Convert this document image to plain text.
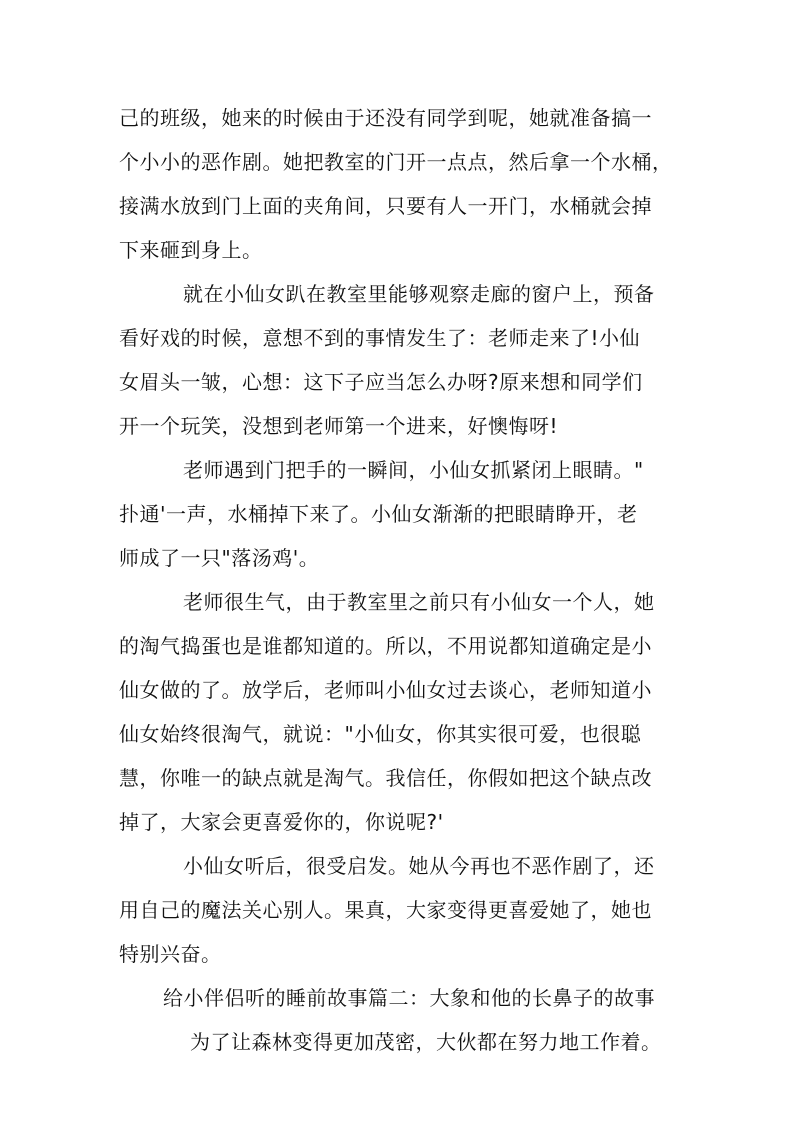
己的班级，她来的时候由于还没有同学到呢，她就准备搞一
个小小的恶作剧。她把教室的门开一点点，然后拿一个水桶，
接满水放到门上面的夹角间，只要有人一开门，水桶就会掉
下来砸到身上。
就在小仙女趴在教室里能够观察走廊的窗户上，预备
看好戏的时候，意想不到的事情发生了：老师走来了!小仙
女眉头一皱，心想：这下子应当怎么办呀?原来想和同学们
开一个玩笑，没想到老师第一个进来，好懊悔呀!
老师遇到门把手的一瞬间，小仙女抓紧闭上眼睛。"
扑通'一声，水桶掉下来了。小仙女渐渐的把眼睛睁开，老
师成了一只"落汤鸡'。
老师很生气，由于教室里之前只有小仙女一个人，她
的淘气捣蛋也是谁都知道的。所以，不用说都知道确定是小
仙女做的了。放学后，老师叫小仙女过去谈心，老师知道小
仙女始终很淘气，就说："小仙女，你其实很可爱，也很聪
慧，你唯一的缺点就是淘气。我信任，你假如把这个缺点改
掉了，大家会更喜爱你的，你说呢?'
小仙女听后，很受启发。她从今再也不恶作剧了，还
用自己的魔法关心别人。果真，大家变得更喜爱她了，她也
特别兴奋。
给小伴侣听的睡前故事篇二：大象和他的长鼻子的故事
为了让森林变得更加茂密，大伙都在努力地工作着。
